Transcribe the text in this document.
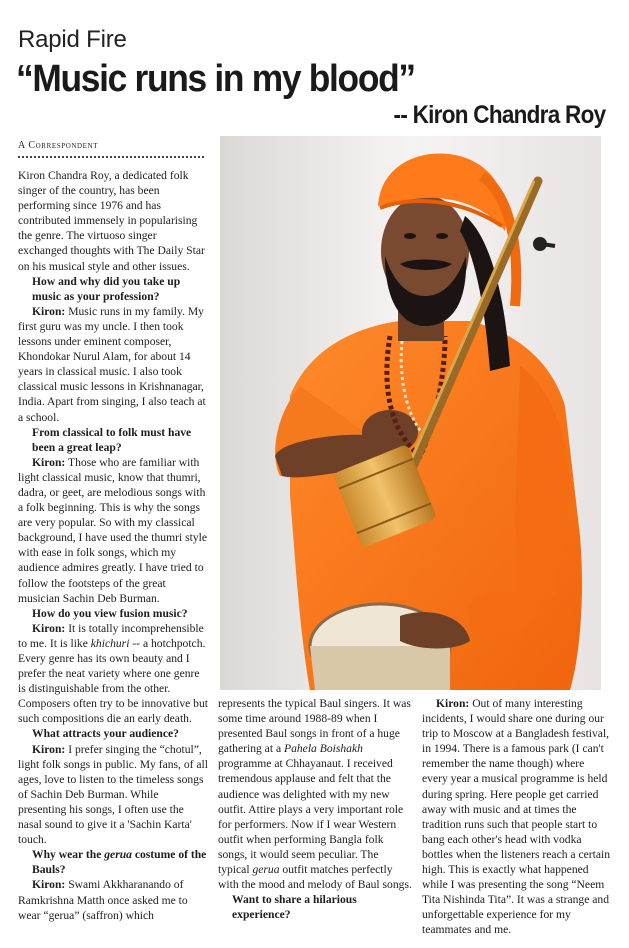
Rapid Fire
“Music runs in my blood”
-- Kiron Chandra Roy
A Correspondent

Kiron Chandra Roy, a dedicated folk singer of the country, has been performing since 1976 and has contributed immensely in popularising the genre. The virtuoso singer exchanged thoughts with The Daily Star on his musical style and other issues.

How and why did you take up music as your profession?

Kiron: Music runs in my family. My first guru was my uncle. I then took lessons under eminent composer, Khondokar Nurul Alam, for about 14 years in classical music. I also took classical music lessons in Krishnanagar, India. Apart from singing, I also teach at a school.

From classical to folk must have been a great leap?

Kiron: Those who are familiar with light classical music, know that thumri, dadra, or geet, are melodious songs with a folk beginning. This is why the songs are very popular. So with my classical background, I have used the thumri style with ease in folk songs, which my audience admires greatly. I have tried to follow the footsteps of the great musician Sachin Deb Burman.

How do you view fusion music?

Kiron: It is totally incomprehensible to me. It is like khichuri -- a hotchpotch. Every genre has its own beauty and I prefer the neat variety where one genre is distinguishable from the other. Composers often try to be innovative but such compositions die an early death.

What attracts your audience?

Kiron: I prefer singing the “chotul”, light folk songs in public. My fans, of all ages, love to listen to the timeless songs of Sachin Deb Burman. While presenting his songs, I often use the nasal sound to give it a 'Sachin Karta' touch.

Why wear the gerua costume of the Bauls?

Kiron: Swami Akkharanando of Ramkrishna Matth once asked me to wear “gerua” (saffron) which

represents the typical Baul singers. It was some time around 1988-89 when I presented Baul songs in front of a huge gathering at a Pahela Boishakh programme at Chhayanaut. I received tremendous applause and felt that the audience was delighted with my new outfit. Attire plays a very important role for performers. Now if I wear Western outfit when performing Bangla folk songs, it would seem peculiar. The typical gerua outfit matches perfectly with the mood and melody of Baul songs.

Want to share a hilarious experience?

Kiron: Out of many interesting incidents, I would share one during our trip to Moscow at a Bangladesh festival, in 1994. There is a famous park (I can't remember the name though) where every year a musical programme is held during spring. Here people get carried away with music and at times the tradition runs such that people start to bang each other's head with vodka bottles when the listeners reach a certain high. This is exactly what happened while I was presenting the song “Neem Tita Nishinda Tita”. It was a strange and unforgettable experience for my teammates and me.
